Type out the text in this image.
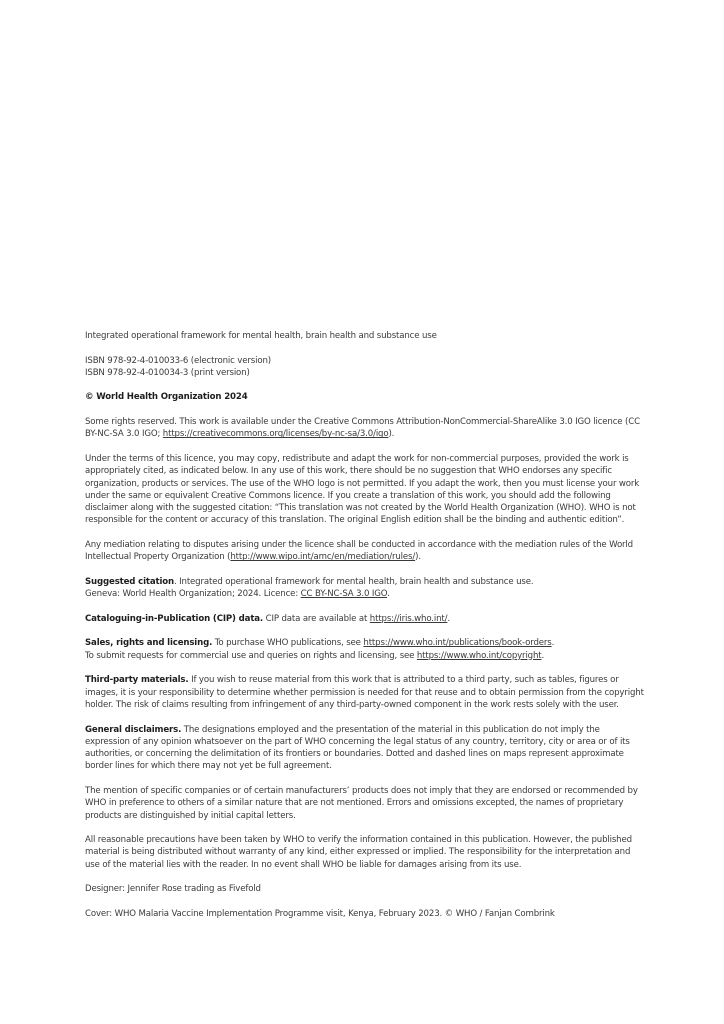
Integrated operational framework for mental health, brain health and substance use

ISBN 978-92-4-010033-6 (electronic version)
ISBN 978-92-4-010034-3 (print version)

© World Health Organization 2024

Some rights reserved. This work is available under the Creative Commons Attribution-NonCommercial-ShareAlike 3.0 IGO licence (CC BY-NC-SA 3.0 IGO; https://creativecommons.org/licenses/by-nc-sa/3.0/igo).

Under the terms of this licence, you may copy, redistribute and adapt the work for non-commercial purposes, provided the work is appropriately cited, as indicated below. In any use of this work, there should be no suggestion that WHO endorses any specific organization, products or services. The use of the WHO logo is not permitted. If you adapt the work, then you must license your work under the same or equivalent Creative Commons licence. If you create a translation of this work, you should add the following disclaimer along with the suggested citation: “This translation was not created by the World Health Organization (WHO). WHO is not responsible for the content or accuracy of this translation. The original English edition shall be the binding and authentic edition”.

Any mediation relating to disputes arising under the licence shall be conducted in accordance with the mediation rules of the World Intellectual Property Organization (http://www.wipo.int/amc/en/mediation/rules/).

Suggested citation. Integrated operational framework for mental health, brain health and substance use.
Geneva: World Health Organization; 2024. Licence: CC BY-NC-SA 3.0 IGO.

Cataloguing-in-Publication (CIP) data. CIP data are available at https://iris.who.int/.

Sales, rights and licensing. To purchase WHO publications, see https://www.who.int/publications/book-orders.
To submit requests for commercial use and queries on rights and licensing, see https://www.who.int/copyright.

Third-party materials. If you wish to reuse material from this work that is attributed to a third party, such as tables, figures or images, it is your responsibility to determine whether permission is needed for that reuse and to obtain permission from the copyright holder. The risk of claims resulting from infringement of any third-party-owned component in the work rests solely with the user.

General disclaimers. The designations employed and the presentation of the material in this publication do not imply the expression of any opinion whatsoever on the part of WHO concerning the legal status of any country, territory, city or area or of its authorities, or concerning the delimitation of its frontiers or boundaries. Dotted and dashed lines on maps represent approximate border lines for which there may not yet be full agreement.

The mention of specific companies or of certain manufacturers’ products does not imply that they are endorsed or recommended by WHO in preference to others of a similar nature that are not mentioned. Errors and omissions excepted, the names of proprietary products are distinguished by initial capital letters.

All reasonable precautions have been taken by WHO to verify the information contained in this publication. However, the published material is being distributed without warranty of any kind, either expressed or implied. The responsibility for the interpretation and use of the material lies with the reader. In no event shall WHO be liable for damages arising from its use.

Designer: Jennifer Rose trading as Fivefold

Cover: WHO Malaria Vaccine Implementation Programme visit, Kenya, February 2023. © WHO / Fanjan Combrink
